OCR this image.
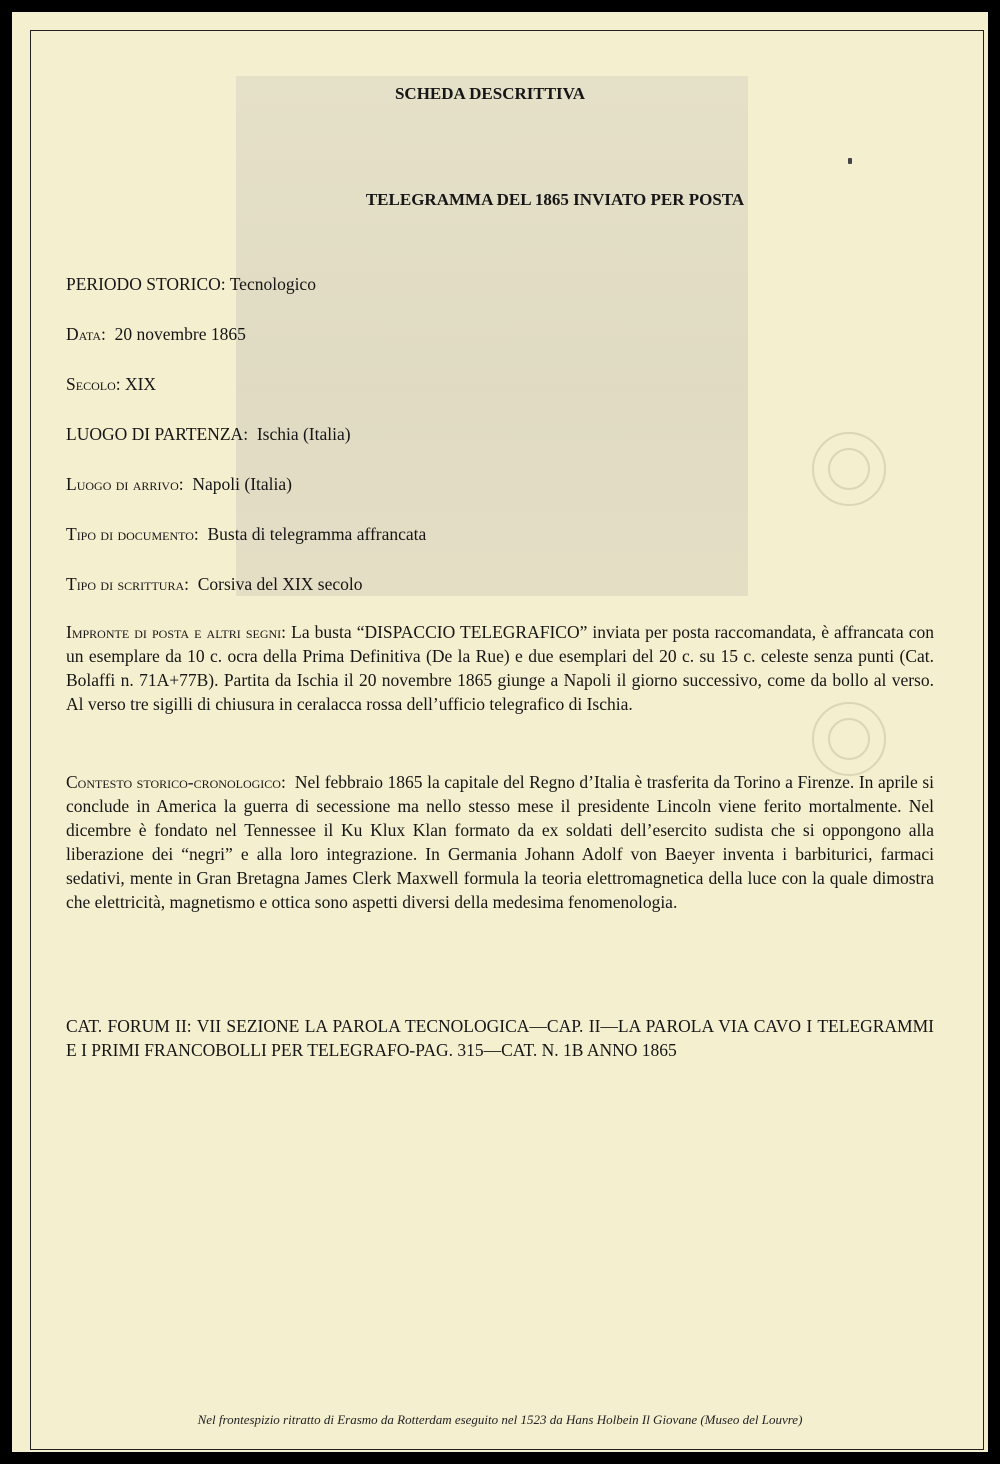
SCHEDA DESCRITTIVA

TELEGRAMMA DEL 1865 INVIATO PER POSTA

PERIODO STORICO: Tecnologico

Data: 20 novembre 1865

Secolo: XIX

LUOGO DI PARTENZA: Ischia (Italia)

Luogo di arrivo: Napoli (Italia)

Tipo di documento: Busta di telegramma affrancata

Tipo di scrittura: Corsiva del XIX secolo

Impronte di posta e altri segni: La busta “DISPACCIO TELEGRAFICO” inviata per posta raccomandata, è affrancata con un esemplare da 10 c. ocra della Prima Definitiva (De la Rue) e due esemplari del 20 c. su 15 c. celeste senza punti (Cat. Bolaffi n. 71A+77B). Partita da Ischia il 20 novembre 1865 giunge a Napoli il giorno successivo, come da bollo al verso. Al verso tre sigilli di chiusura in ceralacca rossa dell’ufficio telegrafico di Ischia.

Contesto storico-cronologico: Nel febbraio 1865 la capitale del Regno d’Italia è trasferita da Torino a Firenze. In aprile si conclude in America la guerra di secessione ma nello stesso mese il presidente Lincoln viene ferito mortalmente. Nel dicembre è fondato nel Tennessee il Ku Klux Klan formato da ex soldati dell’esercito sudista che si oppongono alla liberazione dei “negri” e alla loro integrazione. In Germania Johann Adolf von Baeyer inventa i barbiturici, farmaci sedativi, mente in Gran Bretagna James Clerk Maxwell formula la teoria elettromagnetica della luce con la quale dimostra che elettricità, magnetismo e ottica sono aspetti diversi della medesima fenomenologia.

CAT. FORUM II: VII SEZIONE LA PAROLA TECNOLOGICA—CAP. II—LA PAROLA VIA CAVO I TELEGRAMMI E I PRIMI FRANCOBOLLI PER TELEGRAFO-PAG. 315—CAT. N. 1B ANNO 1865

Nel frontespizio ritratto di Erasmo da Rotterdam eseguito nel 1523 da Hans Holbein Il Giovane (Museo del Louvre)
